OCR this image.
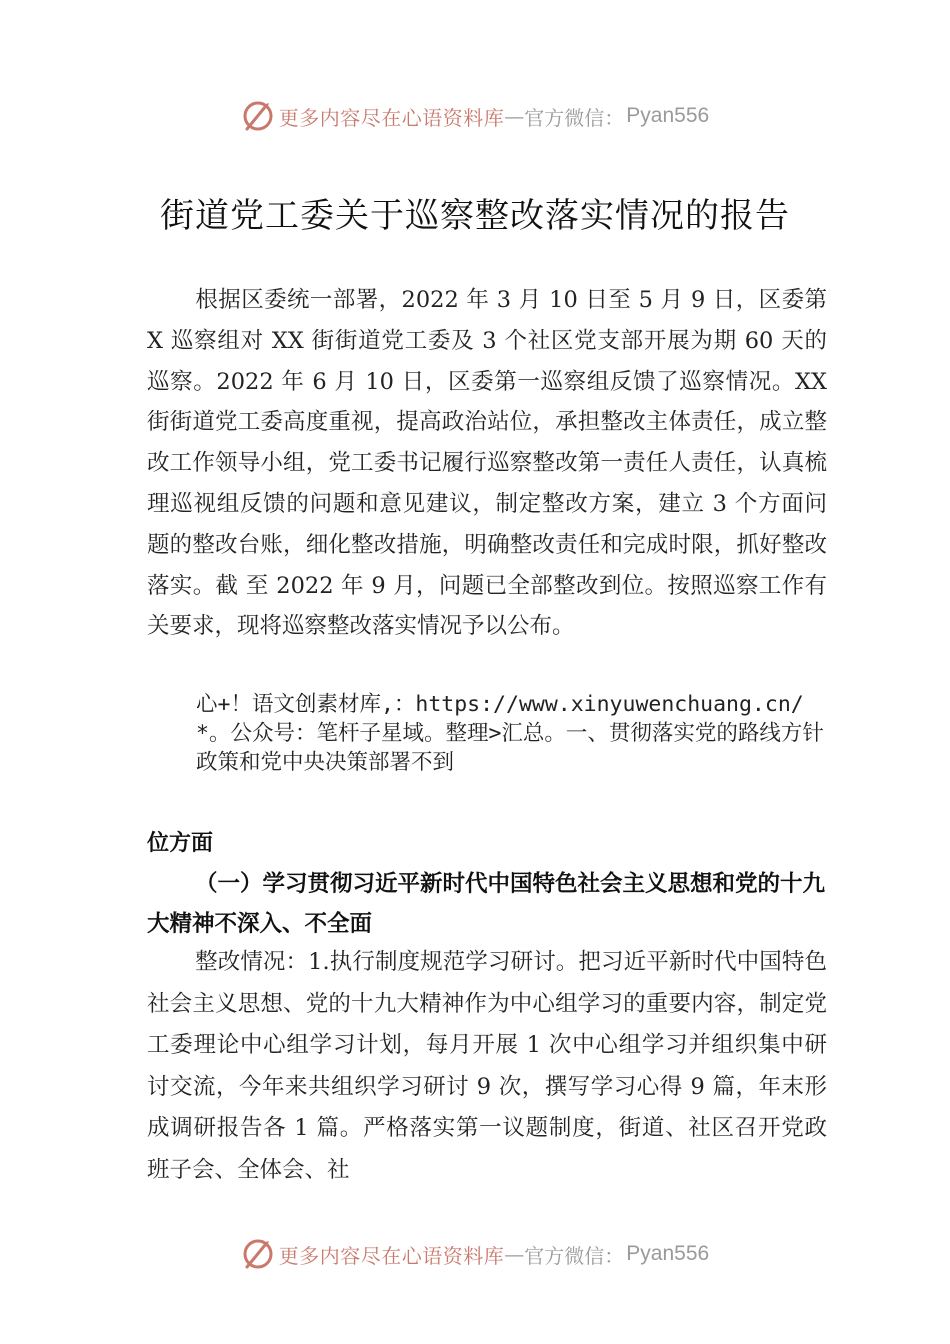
更多内容尽在心语资料库 — 官方微信： Pyan556
街道党工委关于巡察整改落实情况的报告
根据区委统一部署，2022 年 3 月 10 日至 5 月 9 日，区委第 X 巡察组对 XX 街街道党工委及 3 个社区党支部开展为期 60 天的巡察。2022 年 6 月 10 日，区委第一巡察组反馈了巡察情况。XX 街街道党工委高度重视，提高政治站位，承担整改主体责任，成立整改工作领导小组，党工委书记履行巡察整改第一责任人责任，认真梳理巡视组反馈的问题和意见建议，制定整改方案，建立 3 个方面问题的整改台账，细化整改措施，明确整改责任和完成时限，抓好整改落实。截 至 2022 年 9 月，问题已全部整改到位。按照巡察工作有关要求，现将巡察整改落实情况予以公布。
心+！语文创素材库,：https://www.xinyuwenchuang.cn/*。公众号：笔杆子星域。整理>汇总。一、贯彻落实党的路线方针政策和党中央决策部署不到
位方面
（一）学习贯彻习近平新时代中国特色社会主义思想和党的十九大精神不深入、不全面
整改情况：1.执行制度规范学习研讨。把习近平新时代中国特色社会主义思想、党的十九大精神作为中心组学习的重要内容，制定党工委理论中心组学习计划，每月开展 1 次中心组学习并组织集中研讨交流，今年来共组织学习研讨 9 次，撰写学习心得 9 篇，年末形成调研报告各 1 篇。严格落实第一议题制度，街道、社区召开党政班子会、全体会、社
更多内容尽在心语资料库 — 官方微信： Pyan556
